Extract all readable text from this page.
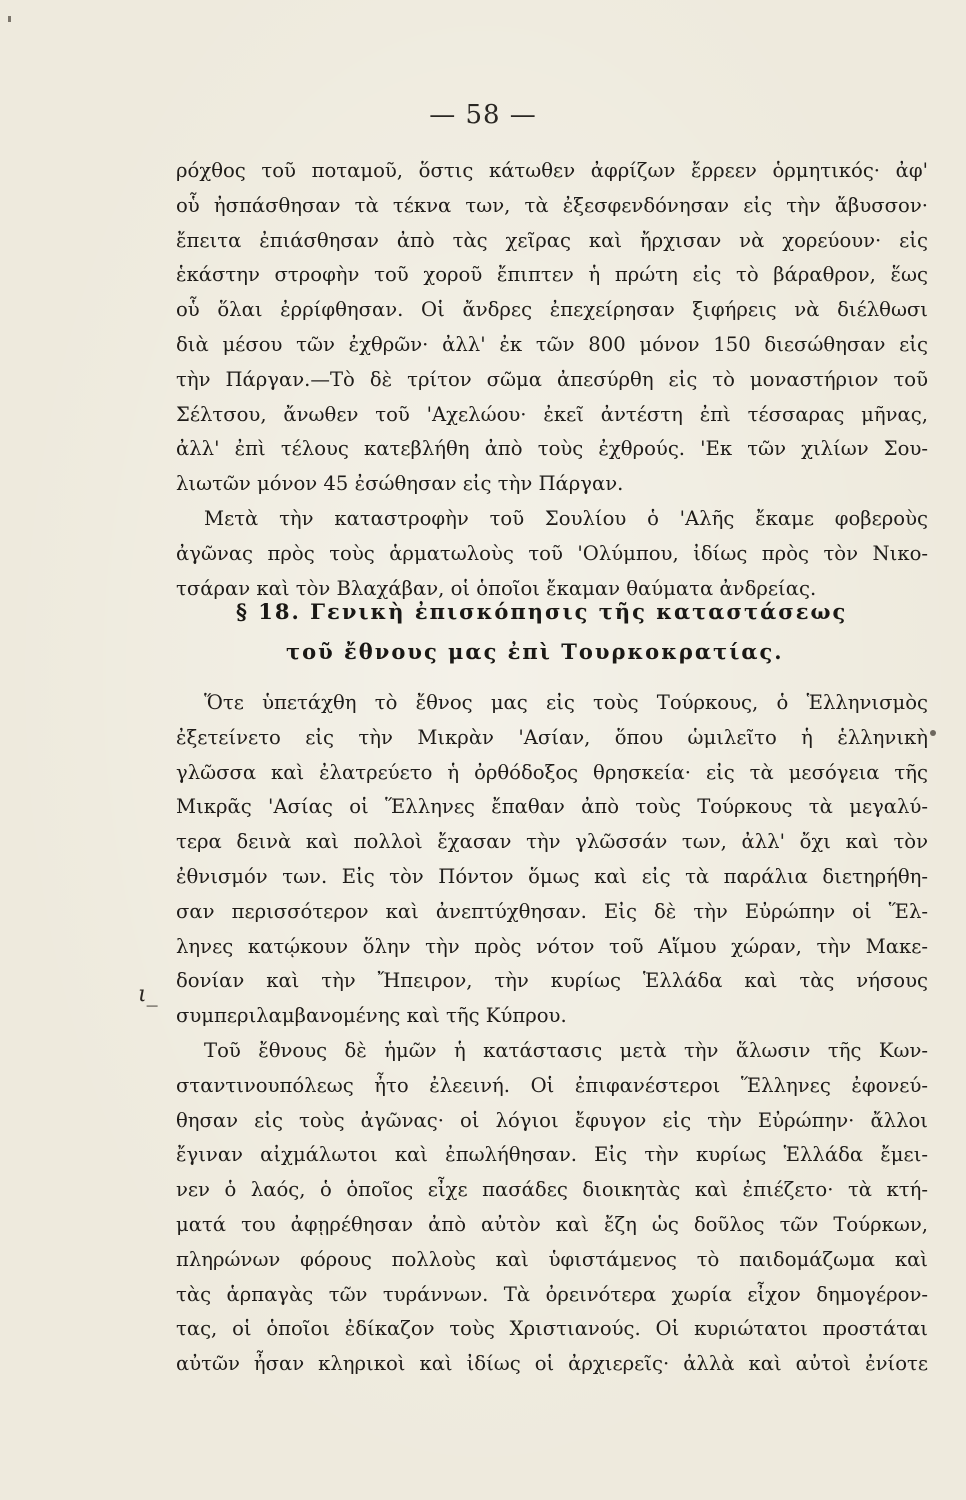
— 58 —
ρόχθος τοῦ ποταμοῦ, ὅστις κάτωθεν ἀφρίζων ἔρρεεν ὁρμητικός· ἀφ'
οὗ ἠσπάσθησαν τὰ τέκνα των, τὰ ἐξεσφενδόνησαν εἰς τὴν ἄβυσσον·
ἔπειτα ἐπιάσθησαν ἀπὸ τὰς χεῖρας καὶ ἤρχισαν νὰ χορεύουν· εἰς
ἑκάστην στροφὴν τοῦ χοροῦ ἔπιπτεν ἡ πρώτη εἰς τὸ βάραθρον, ἕως
οὗ ὅλαι ἐρρίφθησαν. Οἱ ἄνδρες ἐπεχείρησαν ξιφήρεις νὰ διέλθωσι
διὰ μέσου τῶν ἐχθρῶν· ἀλλ' ἐκ τῶν 800 μόνον 150 διεσώθησαν εἰς
τὴν Πάργαν.—Τὸ δὲ τρίτον σῶμα ἀπεσύρθη εἰς τὸ μοναστήριον τοῦ
Σέλτσου, ἄνωθεν τοῦ 'Αχελώου· ἐκεῖ ἀντέστη ἐπὶ τέσσαρας μῆνας,
ἀλλ' ἐπὶ τέλους κατεβλήθη ἀπὸ τοὺς ἐχθρούς. 'Εκ τῶν χιλίων Σου-
λιωτῶν μόνον 45 ἐσώθησαν εἰς τὴν Πάργαν.
Μετὰ τὴν καταστροφὴν τοῦ Σουλίου ὁ 'Αλῆς ἔκαμε φοβεροὺς
ἀγῶνας πρὸς τοὺς ἁρματωλοὺς τοῦ 'Ολύμπου, ἰδίως πρὸς τὸν Νικο-
τσάραν καὶ τὸν Βλαχάβαν, οἱ ὁποῖοι ἔκαμαν θαύματα ἀνδρείας.
§ 18. Γενικὴ ἐπισκόπησις τῆς καταστάσεως
τοῦ ἔθνους μας ἐπὶ Τουρκοκρατίας.
Ὅτε ὑπετάχθη τὸ ἔθνος μας εἰς τοὺς Τούρκους, ὁ Ἑλληνισμὸς
ἐξετείνετο εἰς τὴν Μικρὰν 'Ασίαν, ὅπου ὡμιλεῖτο ἡ ἑλληνικὴ
γλῶσσα καὶ ἐλατρεύετο ἡ ὀρθόδοξος θρησκεία· εἰς τὰ μεσόγεια τῆς
Μικρᾶς 'Ασίας οἱ Ἕλληνες ἔπαθαν ἀπὸ τοὺς Τούρκους τὰ μεγαλύ-
τερα δεινὰ καὶ πολλοὶ ἔχασαν τὴν γλῶσσάν των, ἀλλ' ὄχι καὶ τὸν
ἐθνισμόν των. Εἰς τὸν Πόντον ὅμως καὶ εἰς τὰ παράλια διετηρήθη-
σαν περισσότερον καὶ ἀνεπτύχθησαν. Εἰς δὲ τὴν Εὐρώπην οἱ Ἕλ-
ληνες κατῴκουν ὅλην τὴν πρὸς νότον τοῦ Αἵμου χώραν, τὴν Μακε-
δονίαν καὶ τὴν Ἤπειρον, τὴν κυρίως Ἑλλάδα καὶ τὰς νήσους
συμπεριλαμβανομένης καὶ τῆς Κύπρου.
Τοῦ ἔθνους δὲ ἡμῶν ἡ κατάστασις μετὰ τὴν ἅλωσιν τῆς Κων-
σταντινουπόλεως ἦτο ἐλεεινή. Οἱ ἐπιφανέστεροι Ἕλληνες ἐφονεύ-
θησαν εἰς τοὺς ἀγῶνας· οἱ λόγιοι ἔφυγον εἰς τὴν Εὐρώπην· ἄλλοι
ἔγιναν αἰχμάλωτοι καὶ ἐπωλήθησαν. Εἰς τὴν κυρίως Ἑλλάδα ἔμει-
νεν ὁ λαός, ὁ ὁποῖος εἶχε πασάδες διοικητὰς καὶ ἐπιέζετο· τὰ κτή-
ματά του ἀφῃρέθησαν ἀπὸ αὐτὸν καὶ ἔζη ὡς δοῦλος τῶν Τούρκων,
πληρώνων φόρους πολλοὺς καὶ ὑφιστάμενος τὸ παιδομάζωμα καὶ
τὰς ἁρπαγὰς τῶν τυράννων. Τὰ ὀρεινότερα χωρία εἶχον δημογέρον-
τας, οἱ ὁποῖοι ἐδίκαζον τοὺς Χριστιανούς. Οἱ κυριώτατοι προστάται
αὐτῶν ἦσαν κληρικοὶ καὶ ἰδίως οἱ ἀρχιερεῖς· ἀλλὰ καὶ αὐτοὶ ἐνίοτε
ι_
